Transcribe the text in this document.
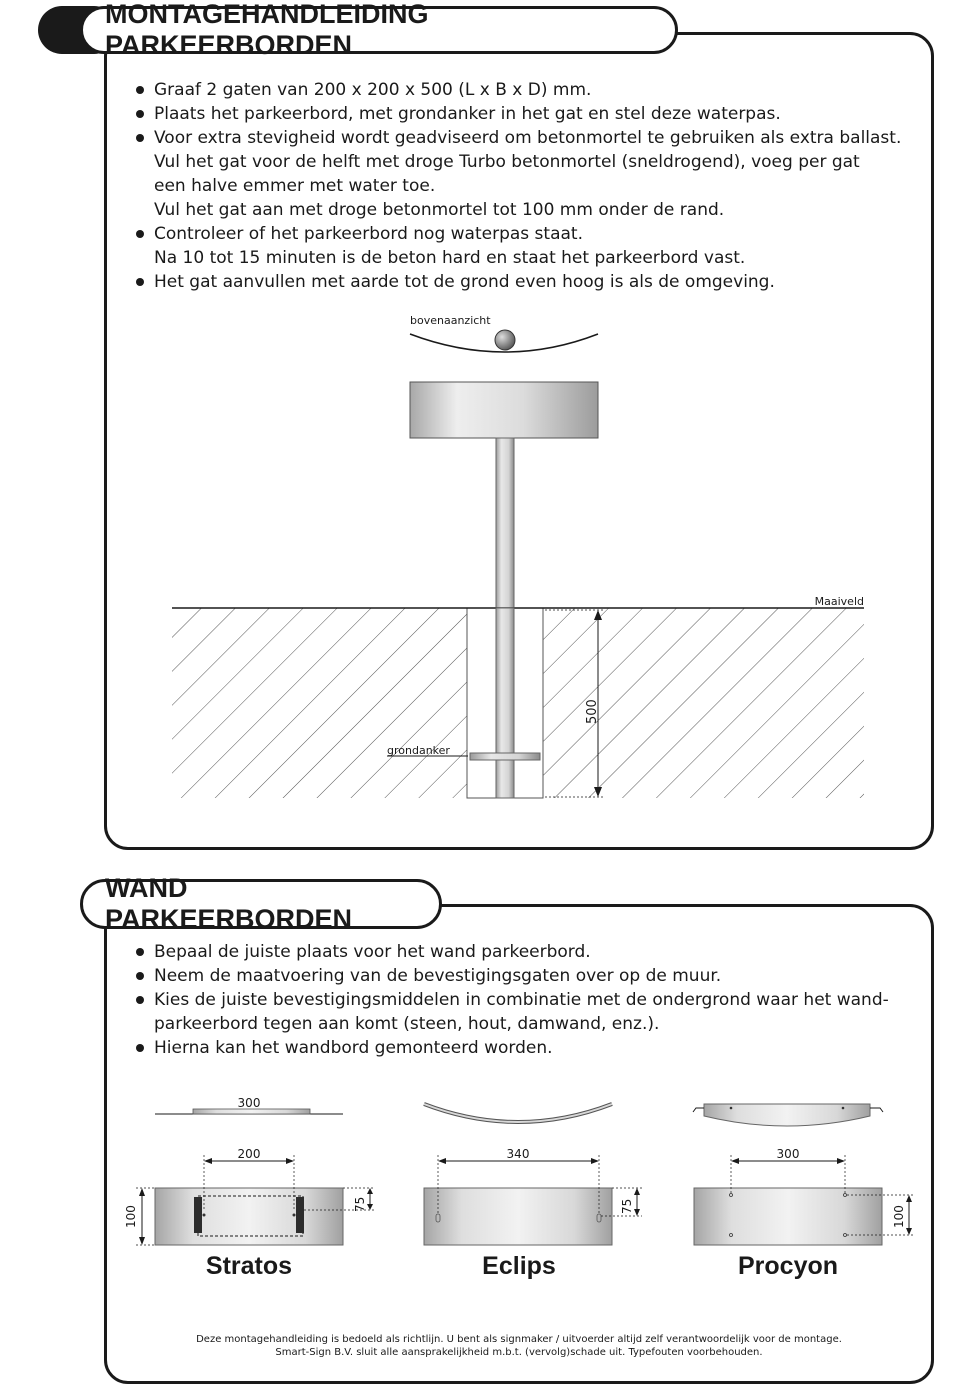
MONTAGEHANDLEIDING PARKEERBORDEN
Graaf 2 gaten van 200 x 200 x 500 (L x B x D) mm.
Plaats het parkeerbord, met grondanker in het gat en stel deze waterpas.
Voor extra stevigheid wordt geadviseerd om betonmortel te gebruiken als extra ballast.
Vul het gat voor de helft met droge Turbo betonmortel (sneldrogend), voeg per gat
een halve emmer met water toe.
Vul het gat aan met droge betonmortel tot 100 mm onder de rand.
Controleer of het parkeerbord nog waterpas staat.
Na 10 tot 15 minuten is de beton hard en staat het parkeerbord vast.
Het gat aanvullen met aarde tot de grond even hoog is als de omgeving.
bovenaanzicht
Maaiveld
grondanker
500
WAND PARKEERBORDEN
Bepaal de juiste plaats voor het wand parkeerbord.
Neem de maatvoering van de bevestigingsgaten over op de muur.
Kies de juiste bevestigingsmiddelen in combinatie met de ondergrond waar het wand-
parkeerbord tegen aan komt (steen, hout, damwand, enz.).
Hierna kan het wandbord gemonteerd worden.
300
200
100
75
340
75
300
100
Stratos	Eclips	Procyon
Deze montagehandleiding is bedoeld als richtlijn. U bent als signmaker / uitvoerder altijd zelf verantwoordelijk voor de montage.
Smart-Sign B.V. sluit alle aansprakelijkheid m.b.t. (vervolg)schade uit. Typefouten voorbehouden.
